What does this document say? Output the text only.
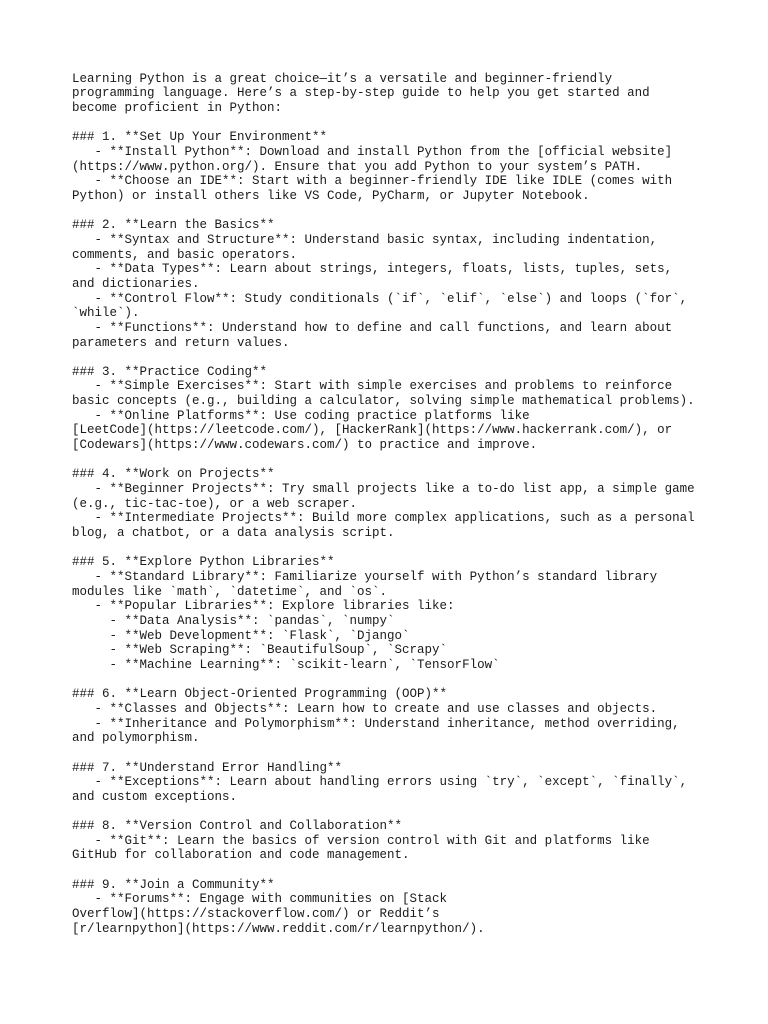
Learning Python is a great choice—it’s a versatile and beginner-friendly
programming language. Here’s a step-by-step guide to help you get started and
become proficient in Python:
### 1. **Set Up Your Environment**
- **Install Python**: Download and install Python from the [official website]
(https://www.python.org/). Ensure that you add Python to your system’s PATH.
- **Choose an IDE**: Start with a beginner-friendly IDE like IDLE (comes with
Python) or install others like VS Code, PyCharm, or Jupyter Notebook.
### 2. **Learn the Basics**
- **Syntax and Structure**: Understand basic syntax, including indentation,
comments, and basic operators.
- **Data Types**: Learn about strings, integers, floats, lists, tuples, sets,
and dictionaries.
- **Control Flow**: Study conditionals (`if`, `elif`, `else`) and loops (`for`,
`while`).
- **Functions**: Understand how to define and call functions, and learn about
parameters and return values.
### 3. **Practice Coding**
- **Simple Exercises**: Start with simple exercises and problems to reinforce
basic concepts (e.g., building a calculator, solving simple mathematical problems).
- **Online Platforms**: Use coding practice platforms like
[LeetCode](https://leetcode.com/), [HackerRank](https://www.hackerrank.com/), or
[Codewars](https://www.codewars.com/) to practice and improve.
### 4. **Work on Projects**
- **Beginner Projects**: Try small projects like a to-do list app, a simple game
(e.g., tic-tac-toe), or a web scraper.
- **Intermediate Projects**: Build more complex applications, such as a personal
blog, a chatbot, or a data analysis script.
### 5. **Explore Python Libraries**
- **Standard Library**: Familiarize yourself with Python’s standard library
modules like `math`, `datetime`, and `os`.
- **Popular Libraries**: Explore libraries like:
- **Data Analysis**: `pandas`, `numpy`
- **Web Development**: `Flask`, `Django`
- **Web Scraping**: `BeautifulSoup`, `Scrapy`
- **Machine Learning**: `scikit-learn`, `TensorFlow`
### 6. **Learn Object-Oriented Programming (OOP)**
- **Classes and Objects**: Learn how to create and use classes and objects.
- **Inheritance and Polymorphism**: Understand inheritance, method overriding,
and polymorphism.
### 7. **Understand Error Handling**
- **Exceptions**: Learn about handling errors using `try`, `except`, `finally`,
and custom exceptions.
### 8. **Version Control and Collaboration**
- **Git**: Learn the basics of version control with Git and platforms like
GitHub for collaboration and code management.
### 9. **Join a Community**
- **Forums**: Engage with communities on [Stack
Overflow](https://stackoverflow.com/) or Reddit’s
[r/learnpython](https://www.reddit.com/r/learnpython/).
